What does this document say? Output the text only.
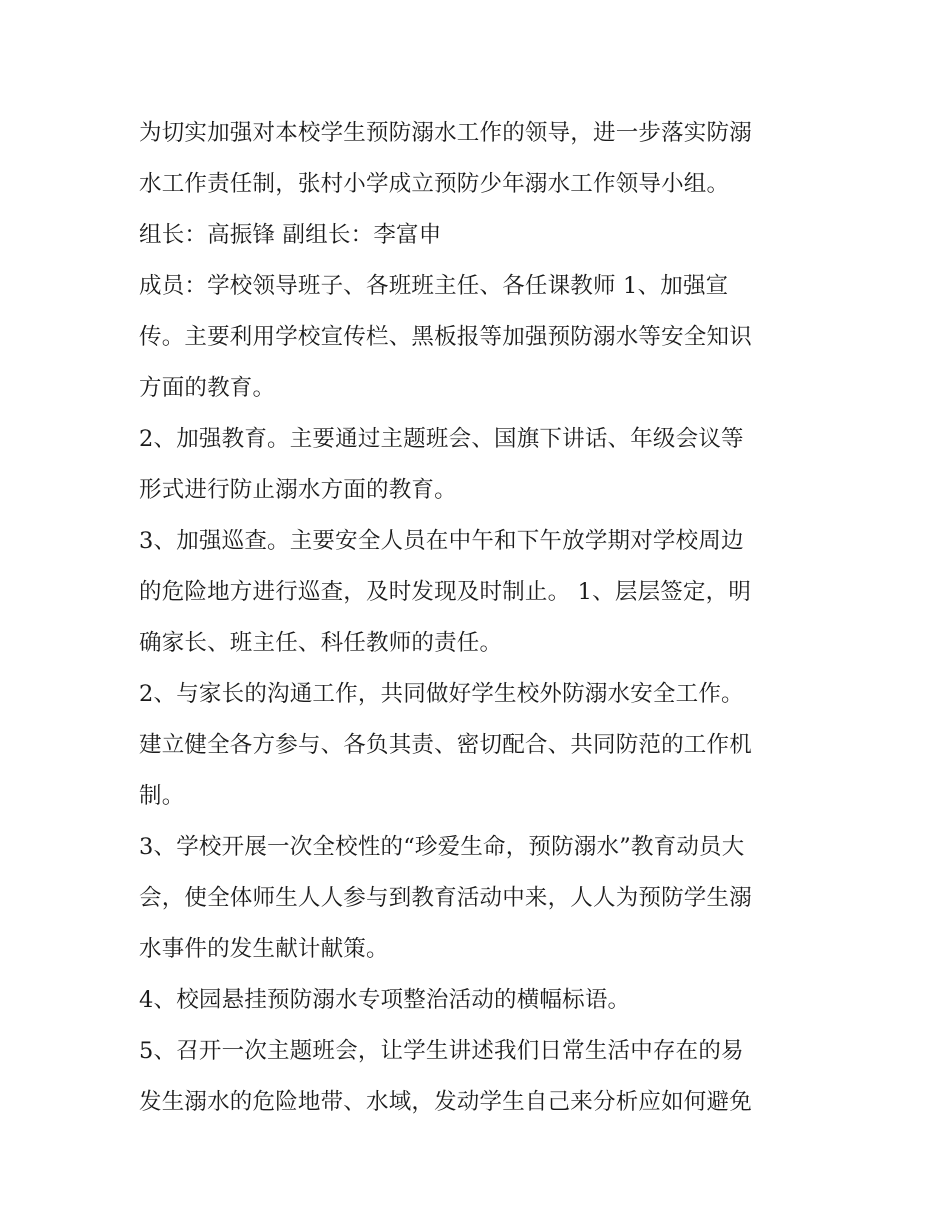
为切实加强对本校学生预防溺水工作的领导，进一步落实防溺
水工作责任制，张村小学成立预防少年溺水工作领导小组。
组长：高振锋 副组长：李富申
成员：学校领导班子、各班班主任、各任课教师 1、加强宣
传。主要利用学校宣传栏、黑板报等加强预防溺水等安全知识
方面的教育。
2、加强教育。主要通过主题班会、国旗下讲话、年级会议等
形式进行防止溺水方面的教育。
3、加强巡查。主要安全人员在中午和下午放学期对学校周边
的危险地方进行巡查，及时发现及时制止。 1、层层签定，明
确家长、班主任、科任教师的责任。
2、与家长的沟通工作，共同做好学生校外防溺水安全工作。
建立健全各方参与、各负其责、密切配合、共同防范的工作机
制。
3、学校开展一次全校性的“珍爱生命，预防溺水”教育动员大
会，使全体师生人人参与到教育活动中来，人人为预防学生溺
水事件的发生献计献策。
4、校园悬挂预防溺水专项整治活动的横幅标语。
5、召开一次主题班会，让学生讲述我们日常生活中存在的易
发生溺水的危险地带、水域，发动学生自己来分析应如何避免
